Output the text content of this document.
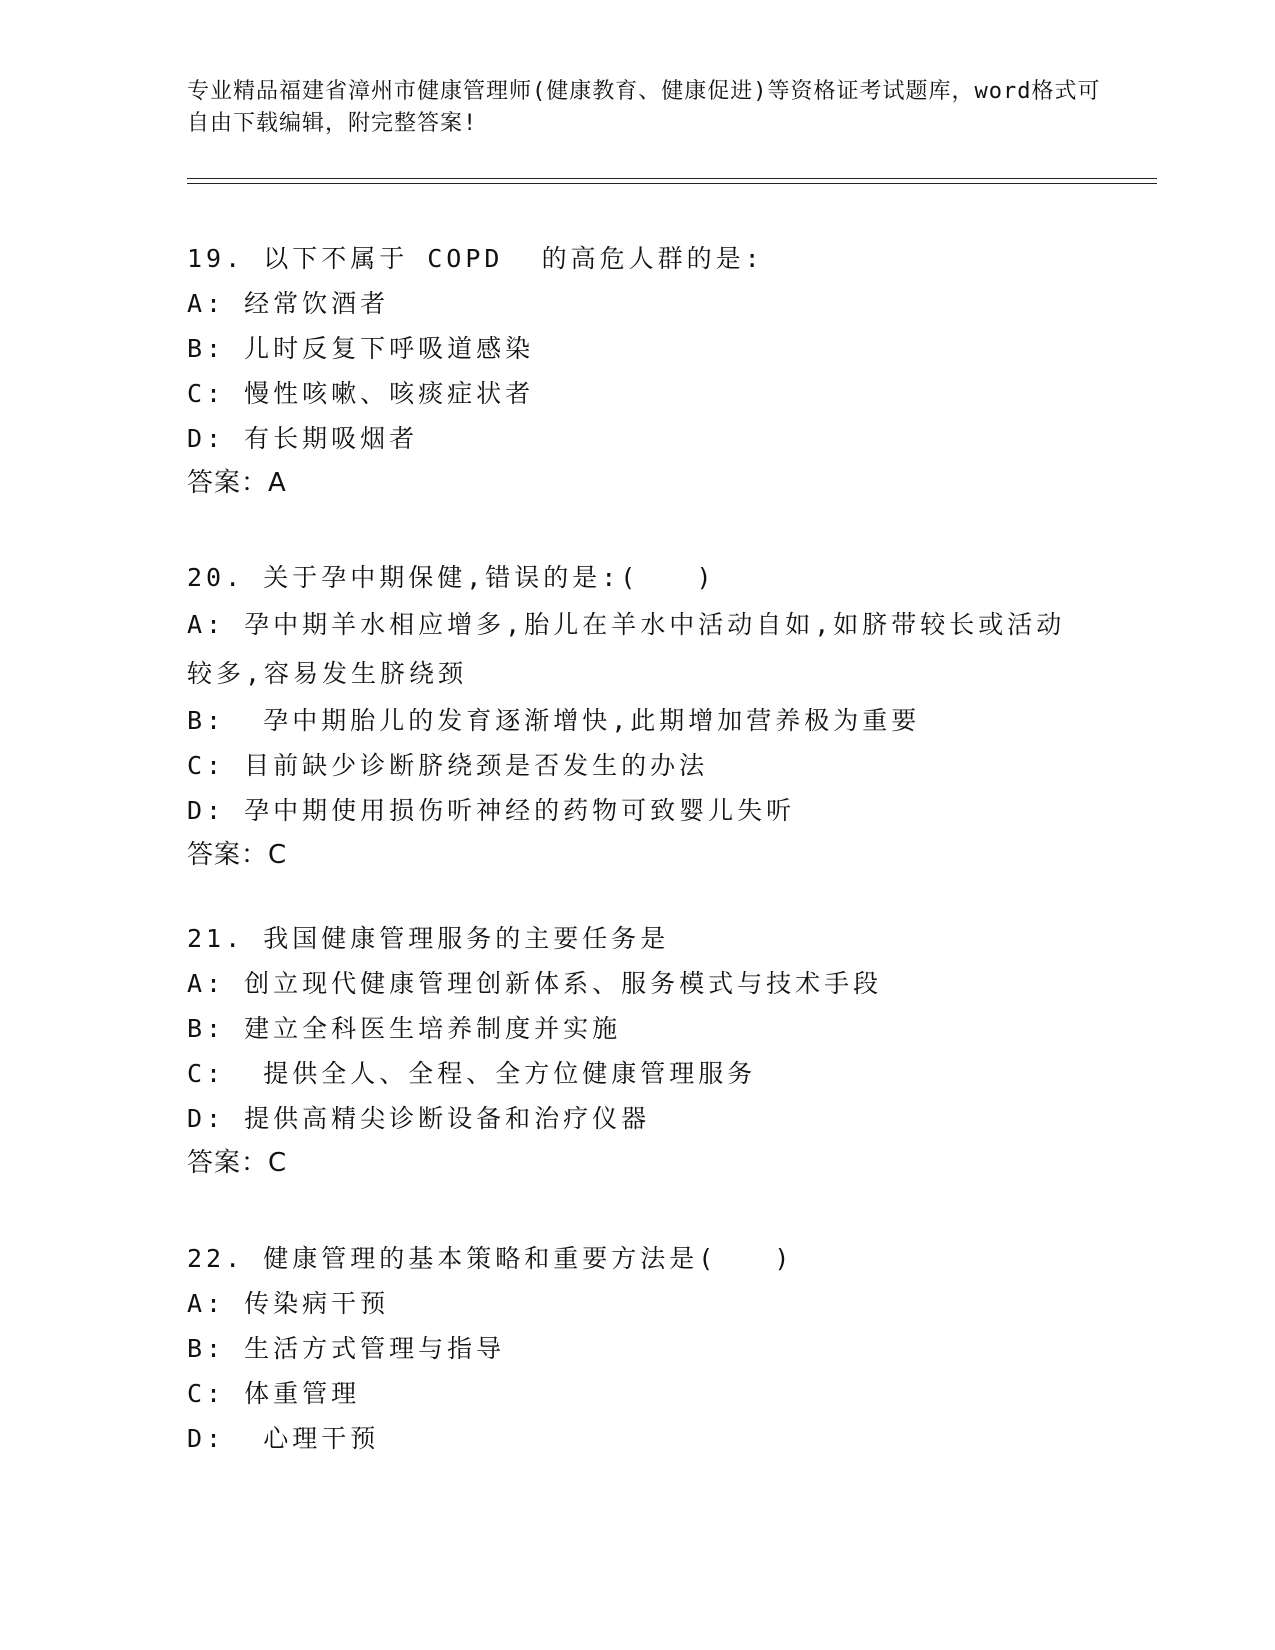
专业精品福建省漳州市健康管理师(健康教育、健康促进)等资格证考试题库，word格式可自由下载编辑，附完整答案!
19. 以下不属于 COPD  的高危人群的是:
A: 经常饮酒者
B: 儿时反复下呼吸道感染
C: 慢性咳嗽、咳痰症状者
D: 有长期吸烟者
答案：A
20. 关于孕中期保健,错误的是:(   )
A: 孕中期羊水相应增多,胎儿在羊水中活动自如,如脐带较长或活动较多,容易发生脐绕颈
B:  孕中期胎儿的发育逐渐增快,此期增加营养极为重要
C: 目前缺少诊断脐绕颈是否发生的办法
D: 孕中期使用损伤听神经的药物可致婴儿失听
答案：C
21. 我国健康管理服务的主要任务是
A: 创立现代健康管理创新体系、服务模式与技术手段
B: 建立全科医生培养制度并实施
C:  提供全人、全程、全方位健康管理服务
D: 提供高精尖诊断设备和治疗仪器
答案：C
22. 健康管理的基本策略和重要方法是(   )
A: 传染病干预
B: 生活方式管理与指导
C: 体重管理
D:  心理干预
